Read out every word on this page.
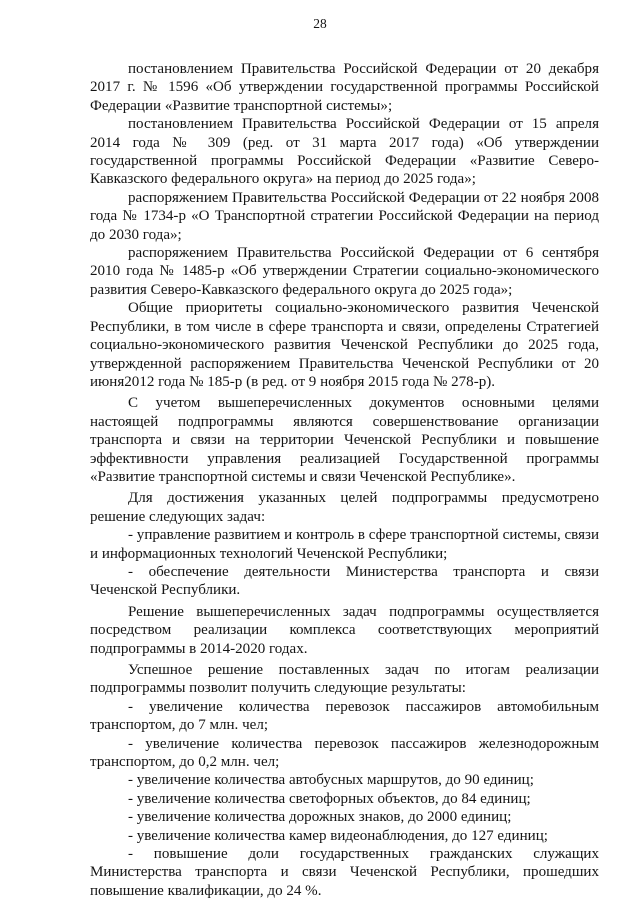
28

постановлением Правительства Российской Федерации от 20 декабря 2017 г. № 1596 «Об утверждении государственной программы Российской Федерации «Развитие транспортной системы»;

постановлением Правительства Российской Федерации от 15 апреля 2014 года № 309 (ред. от 31 марта 2017 года) «Об утверждении государственной программы Российской Федерации «Развитие Северо-Кавказского федерального округа» на период до 2025 года»;

распоряжением Правительства Российской Федерации от 22 ноября 2008 года № 1734-р «О Транспортной стратегии Российской Федерации на период до 2030 года»;

распоряжением Правительства Российской Федерации от 6 сентября 2010 года № 1485-р «Об утверждении Стратегии социально-экономического развития Северо-Кавказского федерального округа до 2025 года»;

Общие приоритеты социально-экономического развития Чеченской Республики, в том числе в сфере транспорта и связи, определены Стратегией социально-экономического развития Чеченской Республики до 2025 года, утвержденной распоряжением Правительства Чеченской Республики от 20 июня2012 года № 185-р (в ред. от 9 ноября 2015 года № 278-р).

С учетом вышеперечисленных документов основными целями настоящей подпрограммы являются совершенствование организации транспорта и связи на территории Чеченской Республики и повышение эффективности управления реализацией Государственной программы «Развитие транспортной системы и связи Чеченской Республике».

Для достижения указанных целей подпрограммы предусмотрено решение следующих задач:

- управление развитием и контроль в сфере транспортной системы, связи и информационных технологий Чеченской Республики;

- обеспечение деятельности Министерства транспорта и связи Чеченской Республики.

Решение вышеперечисленных задач подпрограммы осуществляется посредством реализации комплекса соответствующих мероприятий подпрограммы в 2014-2020 годах.

Успешное решение поставленных задач по итогам реализации подпрограммы позволит получить следующие результаты:

- увеличение количества перевозок пассажиров автомобильным транспортом, до 7 млн. чел;

- увеличение количества перевозок пассажиров железнодорожным транспортом, до 0,2 млн. чел;

- увеличение количества автобусных маршрутов, до 90 единиц;

- увеличение количества светофорных объектов, до 84 единиц;

- увеличение количества дорожных знаков, до 2000 единиц;

- увеличение количества камер видеонаблюдения, до 127 единиц;

- повышение доли государственных гражданских служащих Министерства транспорта и связи Чеченской Республики, прошедших повышение квалификации, до 24 %.
